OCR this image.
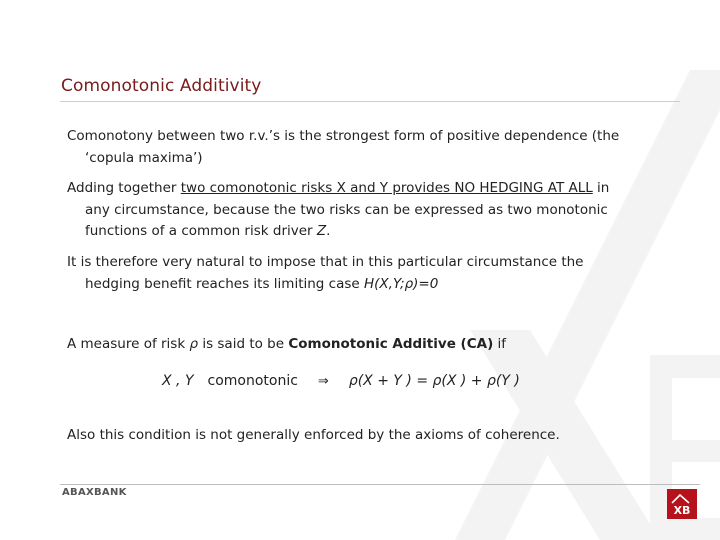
Comonotonic Additivity
Comonotony between two r.v.’s is the strongest form of positive dependence (the
‘copula maxima’)
Adding together two comonotonic risks X and Y provides NO HEDGING AT ALL in
any circumstance, because the two risks can be expressed as two monotonic
functions of a common risk driver Z.
It is therefore very natural to impose that in this particular circumstance the
hedging benefit reaches its limiting case H(X,Y;ρ)=0
A measure of risk ρ is said to be Comonotonic Additive (CA) if
X , Y comonotonic ⇒ ρ(X + Y ) = ρ(X ) + ρ(Y )
Also this condition is not generally enforced by the axioms of coherence.
ABAXBANK
XB
